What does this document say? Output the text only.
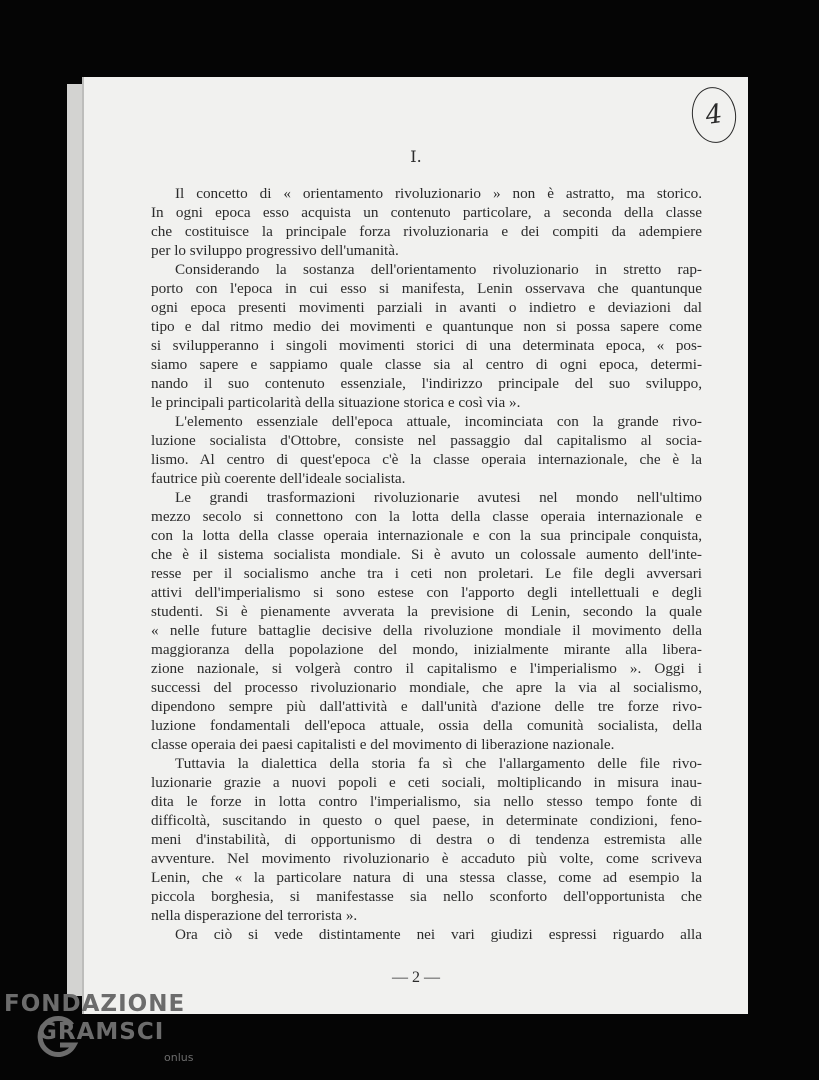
4
I.
Il concetto di « orientamento rivoluzionario » non è astratto, ma storico.
In ogni epoca esso acquista un contenuto particolare, a seconda della classe
che costituisce la principale forza rivoluzionaria e dei compiti da adempiere
per lo sviluppo progressivo dell'umanità.
Considerando la sostanza dell'orientamento rivoluzionario in stretto rap-
porto con l'epoca in cui esso si manifesta, Lenin osservava che quantunque
ogni epoca presenti movimenti parziali in avanti o indietro e deviazioni dal
tipo e dal ritmo medio dei movimenti e quantunque non si possa sapere come
si svilupperanno i singoli movimenti storici di una determinata epoca, « pos-
siamo sapere e sappiamo quale classe sia al centro di ogni epoca, determi-
nando il suo contenuto essenziale, l'indirizzo principale del suo sviluppo,
le principali particolarità della situazione storica e così via ».
L'elemento essenziale dell'epoca attuale, incominciata con la grande rivo-
luzione socialista d'Ottobre, consiste nel passaggio dal capitalismo al socia-
lismo. Al centro di quest'epoca c'è la classe operaia internazionale, che è la
fautrice più coerente dell'ideale socialista.
Le grandi trasformazioni rivoluzionarie avutesi nel mondo nell'ultimo
mezzo secolo si connettono con la lotta della classe operaia internazionale e
con la lotta della classe operaia internazionale e con la sua principale conquista,
che è il sistema socialista mondiale. Si è avuto un colossale aumento dell'inte-
resse per il socialismo anche tra i ceti non proletari. Le file degli avversari
attivi dell'imperialismo si sono estese con l'apporto degli intellettuali e degli
studenti. Si è pienamente avverata la previsione di Lenin, secondo la quale
« nelle future battaglie decisive della rivoluzione mondiale il movimento della
maggioranza della popolazione del mondo, inizialmente mirante alla libera-
zione nazionale, si volgerà contro il capitalismo e l'imperialismo ». Oggi i
successi del processo rivoluzionario mondiale, che apre la via al socialismo,
dipendono sempre più dall'attività e dall'unità d'azione delle tre forze rivo-
luzione fondamentali dell'epoca attuale, ossia della comunità socialista, della
classe operaia dei paesi capitalisti e del movimento di liberazione nazionale.
Tuttavia la dialettica della storia fa sì che l'allargamento delle file rivo-
luzionarie grazie a nuovi popoli e ceti sociali, moltiplicando in misura inau-
dita le forze in lotta contro l'imperialismo, sia nello stesso tempo fonte di
difficoltà, suscitando in questo o quel paese, in determinate condizioni, feno-
meni d'instabilità, di opportunismo di destra o di tendenza estremista alle
avventure. Nel movimento rivoluzionario è accaduto più volte, come scriveva
Lenin, che « la particolare natura di una stessa classe, come ad esempio la
piccola borghesia, si manifestasse sia nello sconforto dell'opportunista che
nella disperazione del terrorista ».
Ora ciò si vede distintamente nei vari giudizi espressi riguardo alla
— 2 —
FONDAZIONE
GRAMSCI
onlus
